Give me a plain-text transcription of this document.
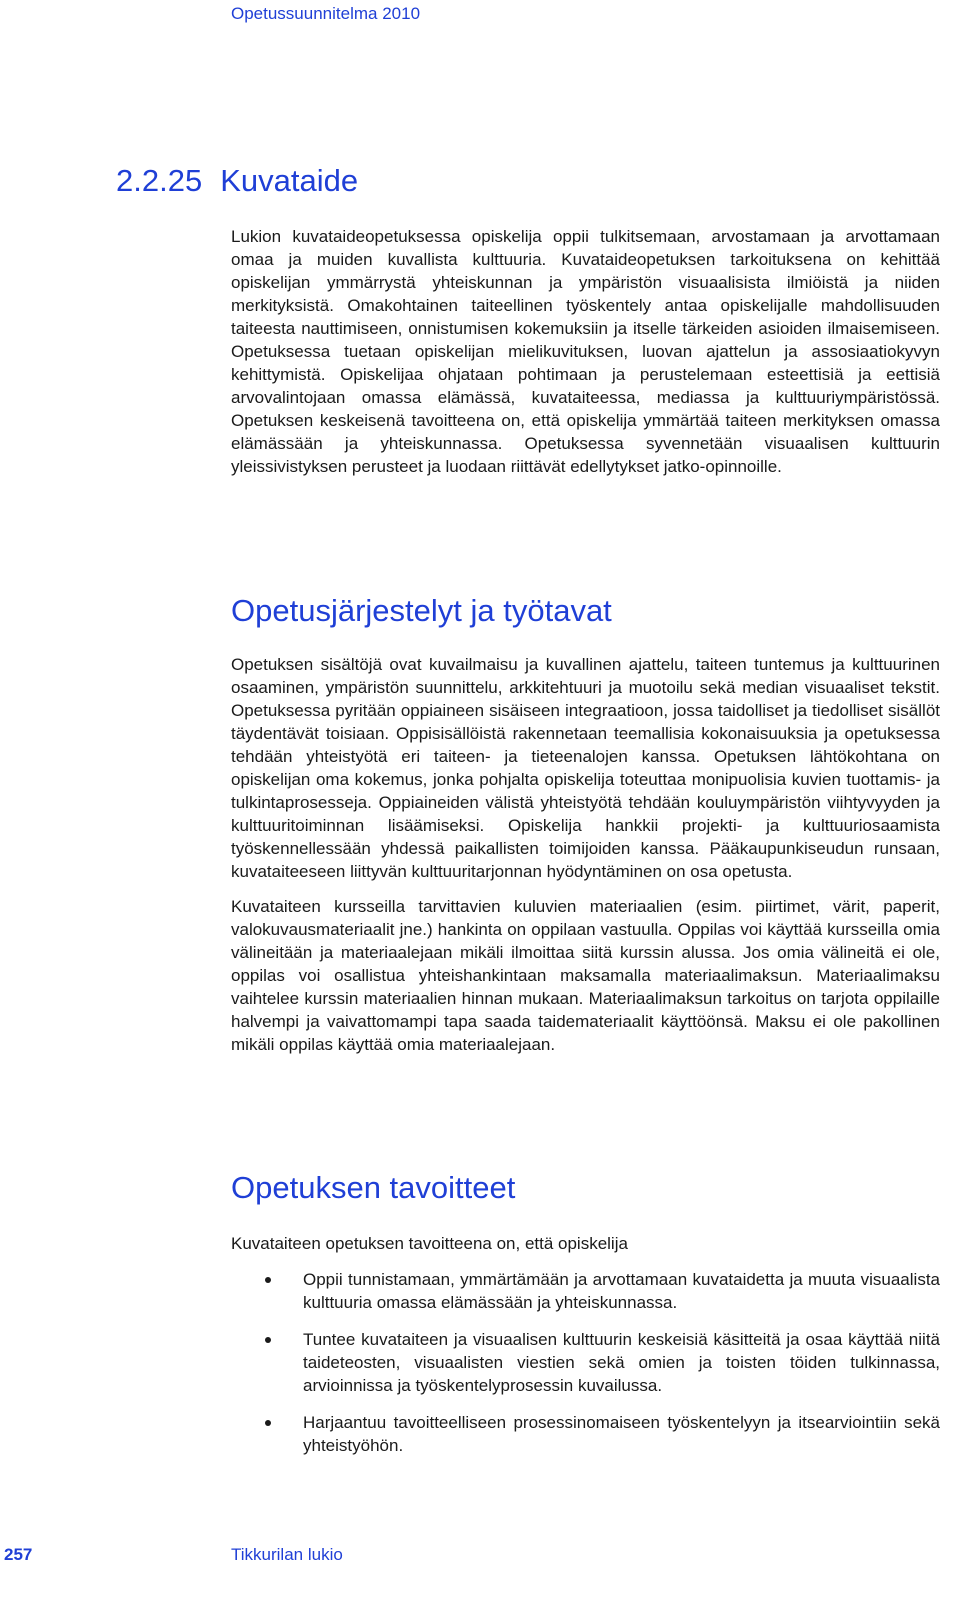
Opetussuunnitelma 2010
2.2.25 Kuvataide

Lukion kuvataideopetuksessa opiskelija oppii tulkitsemaan, arvostamaan ja arvottamaan omaa ja muiden kuvallista kulttuuria. Kuvataideopetuksen tarkoituksena on kehittää opiskelijan ymmärrystä yhteiskunnan ja ympäristön visuaalisista ilmiöistä ja niiden merkityksistä. Omakohtainen taiteellinen työskentely antaa opiskelijalle mahdollisuuden taiteesta nauttimiseen, onnistumisen kokemuksiin ja itselle tärkeiden asioiden ilmaisemiseen. Opetuksessa tuetaan opiskelijan mielikuvituksen, luovan ajattelun ja assosiaatiokyvyn kehittymistä. Opiskelijaa ohjataan pohtimaan ja perustelemaan esteettisiä ja eettisiä arvovalintojaan omassa elämässä, kuvataiteessa, mediassa ja kulttuuriympäristössä. Opetuksen keskeisenä tavoitteena on, että opiskelija ymmärtää taiteen merkityksen omassa elämässään ja yhteiskunnassa. Opetuksessa syvennetään visuaalisen kulttuurin yleissivistyksen perusteet ja luodaan riittävät edellytykset jatko-opinnoille.

Opetusjärjestelyt ja työtavat

Opetuksen sisältöjä ovat kuvailmaisu ja kuvallinen ajattelu, taiteen tuntemus ja kulttuurinen osaaminen, ympäristön suunnittelu, arkkitehtuuri ja muotoilu sekä median visuaaliset tekstit. Opetuksessa pyritään oppiaineen sisäiseen integraatioon, jossa taidolliset ja tiedolliset sisällöt täydentävät toisiaan. Oppisisällöistä rakennetaan teemallisia kokonaisuuksia ja opetuksessa tehdään yhteistyötä eri taiteen- ja tieteenalojen kanssa. Opetuksen lähtökohtana on opiskelijan oma kokemus, jonka pohjalta opiskelija toteuttaa monipuolisia kuvien tuottamis- ja tulkintaprosesseja. Oppiaineiden välistä yhteistyötä tehdään kouluympäristön viihtyvyyden ja kulttuuritoiminnan lisäämiseksi. Opiskelija hankkii projekti- ja kulttuuriosaamista työskennellessään yhdessä paikallisten toimijoiden kanssa. Pääkaupunkiseudun runsaan, kuvataiteeseen liittyvän kulttuuritarjonnan hyödyntäminen on osa opetusta.

Kuvataiteen kursseilla tarvittavien kuluvien materiaalien (esim. piirtimet, värit, paperit, valokuvausmateriaalit jne.) hankinta on oppilaan vastuulla. Oppilas voi käyttää kursseilla omia välineitään ja materiaalejaan mikäli ilmoittaa siitä kurssin alussa. Jos omia välineitä ei ole, oppilas voi osallistua yhteishankintaan maksamalla materiaalimaksun. Materiaalimaksu vaihtelee kurssin materiaalien hinnan mukaan. Materiaalimaksun tarkoitus on tarjota oppilaille halvempi ja vaivattomampi tapa saada taidemateriaalit käyttöönsä. Maksu ei ole pakollinen mikäli oppilas käyttää omia materiaalejaan.

Opetuksen tavoitteet

Kuvataiteen opetuksen tavoitteena on, että opiskelija

Oppii tunnistamaan, ymmärtämään ja arvottamaan kuvataidetta ja muuta visuaalista kulttuuria omassa elämässään ja yhteiskunnassa.
Tuntee kuvataiteen ja visuaalisen kulttuurin keskeisiä käsitteitä ja osaa käyttää niitä taideteosten, visuaalisten viestien sekä omien ja toisten töiden tulkinnassa, arvioinnissa ja työskentelyprosessin kuvailussa.
Harjaantuu tavoitteelliseen prosessinomaiseen työskentelyyn ja itsearviointiin sekä yhteistyöhön.
257	Tikkurilan lukio
